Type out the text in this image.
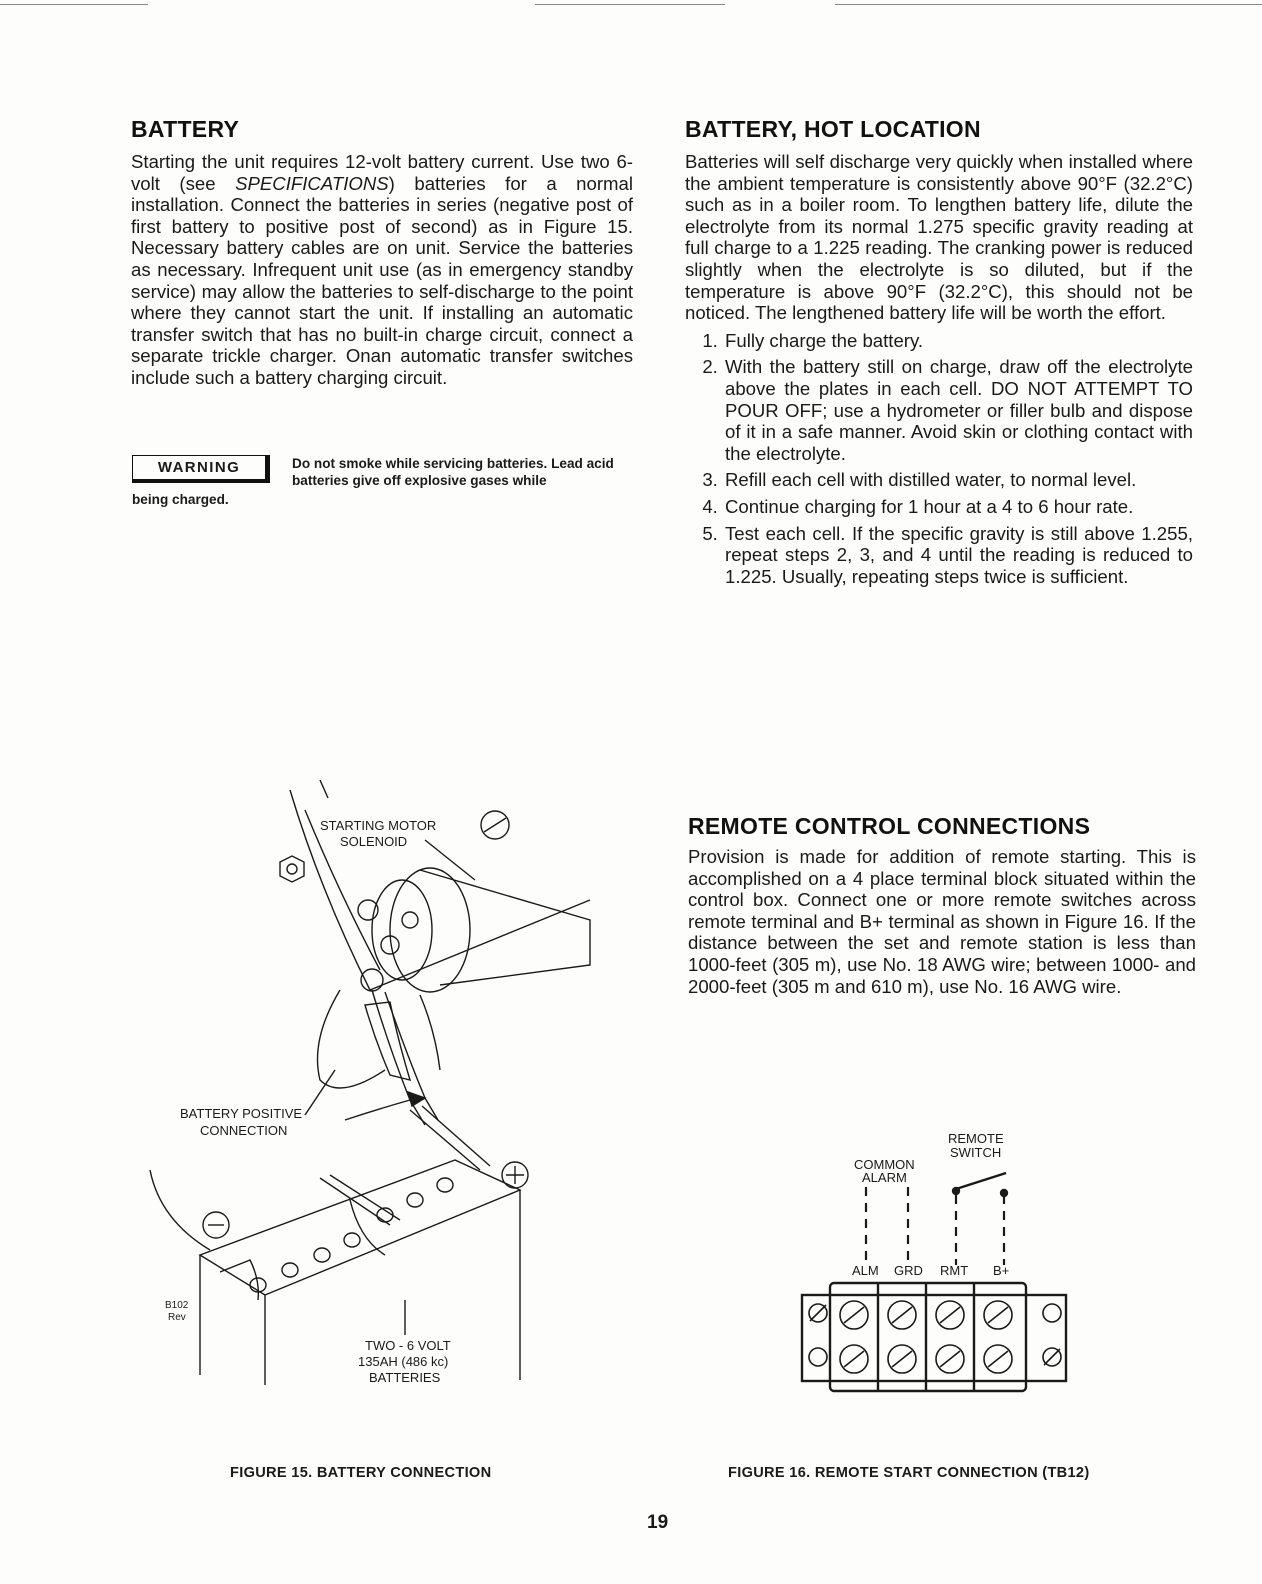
BATTERY

Starting the unit requires 12-volt battery current. Use two 6-volt (see SPECIFICATIONS) batteries for a normal installation. Connect the batteries in series (negative post of first battery to positive post of second) as in Figure 15. Necessary battery cables are on unit. Service the batteries as necessary. Infrequent unit use (as in emergency standby service) may allow the batteries to self-discharge to the point where they cannot start the unit. If installing an automatic transfer switch that has no built-in charge circuit, connect a separate trickle charger. Onan automatic transfer switches include such a battery charging circuit.

WARNING	Do not smoke while servicing batteries. Lead acid batteries give off explosive gases while
being charged.
BATTERY, HOT LOCATION

Batteries will self discharge very quickly when installed where the ambient temperature is consistently above 90°F (32.2°C) such as in a boiler room. To lengthen battery life, dilute the electrolyte from its normal 1.275 specific gravity reading at full charge to a 1.225 reading. The cranking power is reduced slightly when the electrolyte is so diluted, but if the temperature is above 90°F (32.2°C), this should not be noticed. The lengthened battery life will be worth the effort.

1. Fully charge the battery.
2. With the battery still on charge, draw off the electrolyte above the plates in each cell. DO NOT ATTEMPT TO POUR OFF; use a hydrometer or filler bulb and dispose of it in a safe manner. Avoid skin or clothing contact with the electrolyte.
3. Refill each cell with distilled water, to normal level.
4. Continue charging for 1 hour at a 4 to 6 hour rate.
5. Test each cell. If the specific gravity is still above 1.255, repeat steps 2, 3, and 4 until the reading is reduced to 1.225. Usually, repeating steps twice is sufficient.
REMOTE CONTROL CONNECTIONS

Provision is made for addition of remote starting. This is accomplished on a 4 place terminal block situated within the control box. Connect one or more remote switches across remote terminal and B+ terminal as shown in Figure 16. If the distance between the set and remote station is less than 1000-feet (305 m), use No. 18 AWG wire; between 1000- and 2000-feet (305 m and 610 m), use No. 16 AWG wire.

STARTING MOTOR
SOLENOID
BATTERY POSITIVE
CONNECTION
TWO - 6 VOLT
135AH (486 kc)
BATTERIES
B102
Rev
REMOTE
SWITCH
COMMON
ALARM
ALM GRD RMT B+
FIGURE 15. BATTERY CONNECTION	FIGURE 16. REMOTE START CONNECTION (TB12)
19
